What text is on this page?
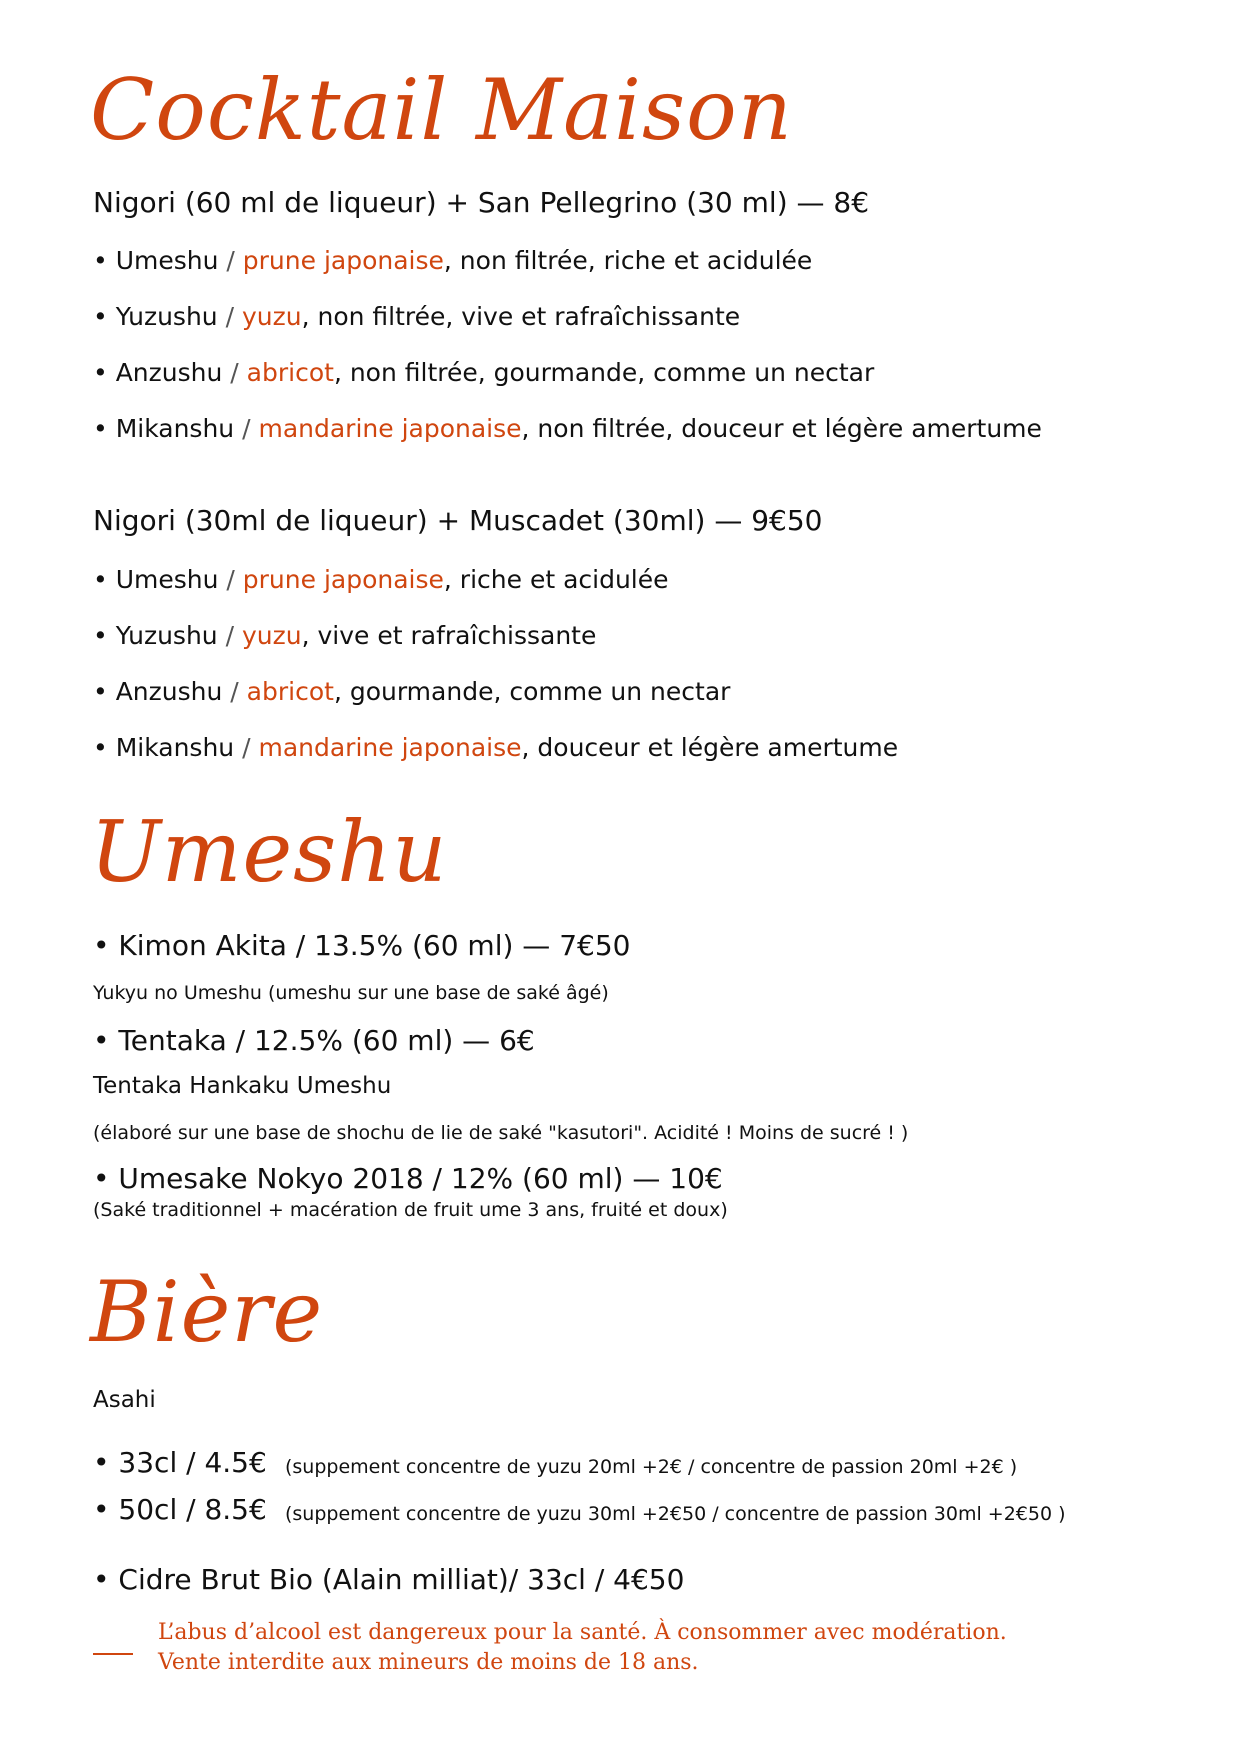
Cocktail Maison
Nigori (60 ml de liqueur) + San Pellegrino (30 ml) — 8€
• Umeshu / prune japonaise, non filtrée, riche et acidulée
• Yuzushu / yuzu, non filtrée, vive et rafraîchissante
• Anzushu / abricot, non filtrée, gourmande, comme un nectar
• Mikanshu / mandarine japonaise, non filtrée, douceur et légère amertume
Nigori (30ml de liqueur) + Muscadet (30ml) — 9€50
• Umeshu / prune japonaise, riche et acidulée
• Yuzushu / yuzu, vive et rafraîchissante
• Anzushu / abricot, gourmande, comme un nectar
• Mikanshu / mandarine japonaise, douceur et légère amertume
Umeshu
• Kimon Akita / 13.5% (60 ml) — 7€50
Yukyu no Umeshu (umeshu sur une base de saké âgé)
• Tentaka / 12.5% (60 ml) — 6€
Tentaka Hankaku Umeshu
(élaboré sur une base de shochu de lie de saké "kasutori". Acidité ! Moins de sucré ! )
• Umesake Nokyo 2018 / 12% (60 ml) — 10€
(Saké traditionnel + macération de fruit ume 3 ans, fruité et doux)
Bière
Asahi
• 33cl / 4.5€ (suppement concentre de yuzu 20ml +2€ / concentre de passion 20ml +2€ )
• 50cl / 8.5€ (suppement concentre de yuzu 30ml +2€50 / concentre de passion 30ml +2€50 )
• Cidre Brut Bio (Alain milliat)/ 33cl / 4€50
L’abus d’alcool est dangereux pour la santé. À consommer avec modération.
Vente interdite aux mineurs de moins de 18 ans.
